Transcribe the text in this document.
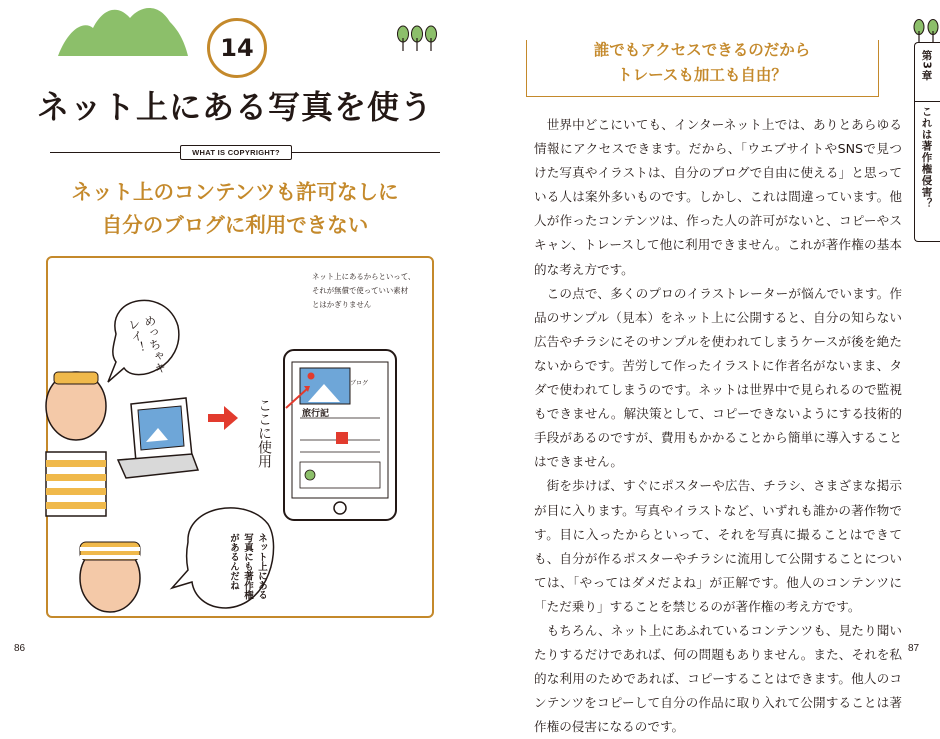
14
ネット上にある写真を使う
WHAT IS COPYRIGHT?
ネット上のコンテンツも許可なしに
自分のブログに利用できない
ネット上にあるからといって、
それが無償で使っていい素材
とはかぎりません
めっちゃキレイ！
ここに使用
ブログ
旅行記
ネット上にある写真にも著作権があるんだね
86
誰でもアクセスできるのだから
トレースも加工も自由？

世界中どこにいても、インターネット上では、ありとあらゆる情報にアクセスできます。だから、「ウエブサイトやSNSで見つけた写真やイラストは、自分のブログで自由に使える」と思っている人は案外多いものです。しかし、これは間違っています。他人が作ったコンテンツは、作った人の許可がないと、コピーやスキャン、トレースして他に利用できません。これが著作権の基本的な考え方です。

この点で、多くのプロのイラストレーターが悩んでいます。作品のサンプル（見本）をネット上に公開すると、自分の知らない広告やチラシにそのサンプルを使われてしまうケースが後を絶たないからです。苦労して作ったイラストに作者名がないまま、タダで使われてしまうのです。ネットは世界中で見られるので監視もできません。解決策として、コピーできないようにする技術的手段があるのですが、費用もかかることから簡単に導入することはできません。

街を歩けば、すぐにポスターや広告、チラシ、さまざまな掲示が目に入ります。写真やイラストなど、いずれも誰かの著作物です。目に入ったからといって、それを写真に撮ることはできても、自分が作るポスターやチラシに流用して公開することについては、「やってはダメだよね」が正解です。他人のコンテンツに「ただ乗り」することを禁じるのが著作権の考え方です。

もちろん、ネット上にあふれているコンテンツも、見たり聞いたりするだけであれば、何の問題もありません。また、それを私的な利用のためであれば、コピーすることはできます。他人のコンテンツをコピーして自分の作品に取り入れて公開することは著作権の侵害になるのです。

第3章
これは著作権侵害？
87
